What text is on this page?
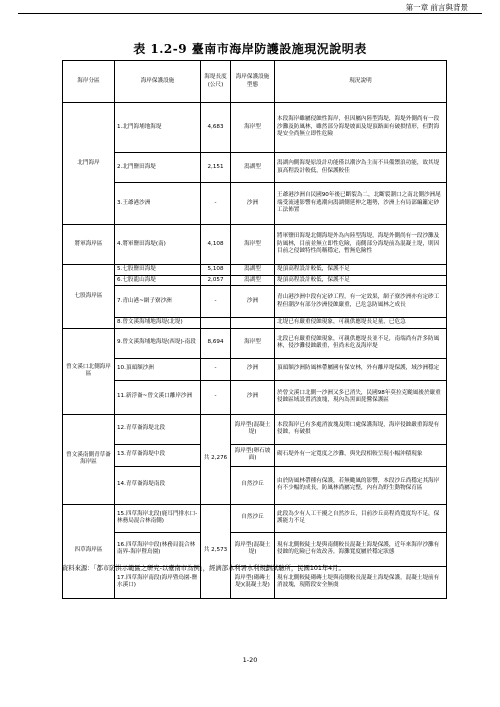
第一章 前言與背景
表 1.2-9 臺南市海岸防護設施現況說明表
海岸分區	海岸保護設施	海堤長度(公尺)	海岸保護設施型態	現況說明
北門海岸	1.北門海埔地海堤	4,683	海岸型	本段海岸雖屬侵蝕性海岸，但因屬內陸型海堤，海堤外側尚有一段沙灘及防風林，雖然部分海堤坡面及堤頂路面有破損情形，但對海堤安全尚無立即性危險
	2.北門鹽田海堤	2,151	潟湖型	潟湖內側海堤原設計功能僅以潮汐為主而不具備禦浪功能，故其堤頂高程設計較低，但保護較佳
	3.王爺港沙洲	-	沙洲	王爺港沙洲自民國90年後已斷裂為二，北斷裂潮口之南北側沙洲尾端受流速影響有逃潮向潟湖側延伸之趨勢，沙洲上有局部編籬定砂工法佈置
將軍海岸區	4.將軍鹽田海堤(南)	4,108	海岸型	將軍鹽田海堤北側海堤外為內陸型海堤，海堤外側尚有一段沙灘及防風林，目前並無立即性危險，南側部分海堤前為混凝土堤，則因目前之侵蝕特性尚稱穩定，暫無危險性
七股海岸區	5.七股鹽田海堤	5,108	潟湖型	堤頂高程設計較低，保護不足
	6.七股龍山海堤	2,057	潟湖型	堤頂高程設計較低，保護不足
	7.青山港~網子寮沙洲	-	沙洲	青山港沙洲中段有定砂工程，有一定效果，網子寮沙洲亦有定砂工程但潮汐有部分沙洲侵蝕嚴重，已危急防風林之成長
	8.曾文溪海埔地海堤(北堤)			北堤已有嚴重侵蝕現象，可親供應堤長足量，已危急
曾文溪口北側海岸區	9.曾文溪海埔地海堤(西堤)-南段	8,694	海岸型	北段已有嚴重侵蝕現象，可親供應堤長並不足，南端尚有許多防風林，侵沙灘侵蝕嚴重，但尚未危及海岸堤
	10.頂頭額沙洲	-	沙洲	頂頭額沙洲防風林帶屬國有保安林，外有離岸堤保護，域沙洲穩定
	11.新浮崙~曾文溪口離岸沙洲	-	沙洲	於曾文溪口北側一沙洲又多已消失，民國98年莫拉克颱風後於嚴重侵蝕區域設置消波塊，現內為黑面琵鷺保護區
曾文溪南側青草崙海岸區	12.青草崙海堤北段	共 2,276	海岸型(混凝土堤)	本段海岸已有多處消波塊及開口處保護海堤，海岸侵蝕嚴重海堤有侵蝕，有破損
	13.青草崙海堤中段		海岸型(卵石坡面)	砌石堤外有一定寬度之沙灘，與先段相較呈現小幅沖積現象
	14.青草崙海堤南段		自然沙丘	由於防風林帶種有保護，若無颱風的影響，本段沙丘尚穩定其海岸有不少幅的成長，防風林尚屬完整，內有為野生動物保育區
四草海岸區	15.四草海岸北段(鹿耳門排水口-林務局混合林南側)	共 2,573	自然沙丘	此段為少有人工干擾之自然沙丘，目前沙丘高程尚寬度均不足，保護能力不足
	16.四草海岸中段(林務局混合林南界-海岸暨鳥園)		海岸型(混凝土堤)	現有北側較陡土堤與南側較長混凝土海堤保護，近年來海岸沙灘有侵蝕的危險已有效改善，海灘寬度屬於穩定狀態
	17.四草海岸南段(海岸暨鳥園-鹽水溪口)		海岸型(砌磚土堤)(混凝土堤)	現有北側較陡砌磚土堤與南側較長混凝土海堤保護，混凝土堤前有消波塊，現階段安全無虞
資料來源：「都市防洪示範區之研究-以臺南市為例」，經濟部水利署水利規劃試驗所，民國101年4月。
1-20
